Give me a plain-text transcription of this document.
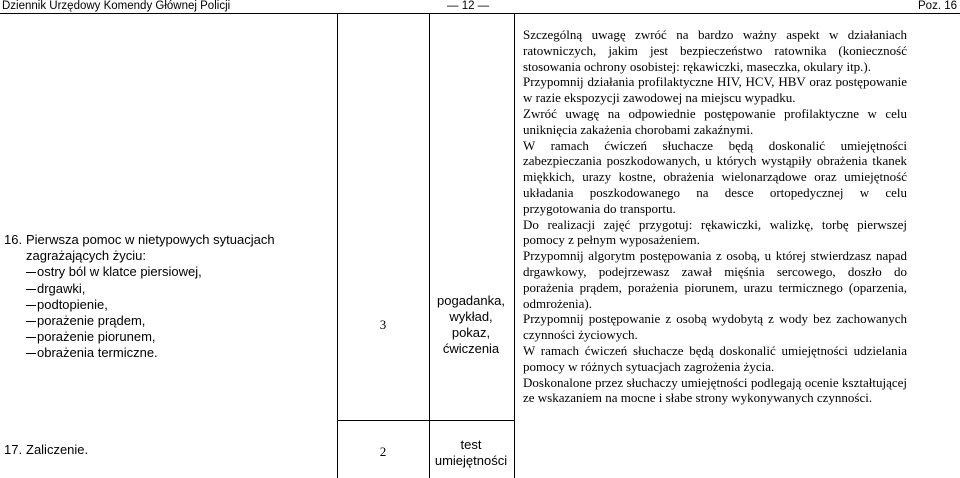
Dziennik Urzędowy Komendy Głównej Policji	— 12 —	Poz. 16
16. Pierwsza pomoc w nietypowych sytuacjach zagrażających życiu:
ostry ból w klatce piersiowej,
drgawki,
podtopienie,
porażenie prądem,
porażenie piorunem,
obrażenia termiczne.
17. Zaliczenie.
3
2
pogadanka, wykład, pokaz, ćwiczenia
test umiejętności

Szczególną uwagę zwróć na bardzo ważny aspekt w działaniach ratowniczych, jakim jest bezpieczeństwo ratownika (konieczność stosowania ochrony osobistej: rękawiczki, maseczka, okulary itp.).

Przypomnij działania profilaktyczne HIV, HCV, HBV oraz postępowanie w razie ekspozycji zawodowej na miejscu wypadku.

Zwróć uwagę na odpowiednie postępowanie profilaktyczne w celu uniknięcia zakażenia chorobami zakaźnymi.

W ramach ćwiczeń słuchacze będą doskonalić umiejętności zabezpieczania poszkodowanych, u których wystąpiły obrażenia tkanek miękkich, urazy kostne, obrażenia wielonarządowe oraz umiejętność układania poszkodowanego na desce ortopedycznej w celu przygotowania do transportu.

Do realizacji zajęć przygotuj: rękawiczki, walizkę, torbę pierwszej pomocy z pełnym wyposażeniem.

Przypomnij algorytm postępowania z osobą, u której stwierdzasz napad drgawkowy, podejrzewasz zawał mięśnia sercowego, doszło do porażenia prądem, porażenia piorunem, urazu termicznego (oparzenia, odmrożenia).

Przypomnij postępowanie z osobą wydobytą z wody bez zachowanych czynności życiowych.

W ramach ćwiczeń słuchacze będą doskonalić umiejętności udzielania pomocy w różnych sytuacjach zagrożenia życia.

Doskonalone przez słuchaczy umiejętności podlegają ocenie kształtującej ze wskazaniem na mocne i słabe strony wykonywanych czynności.
